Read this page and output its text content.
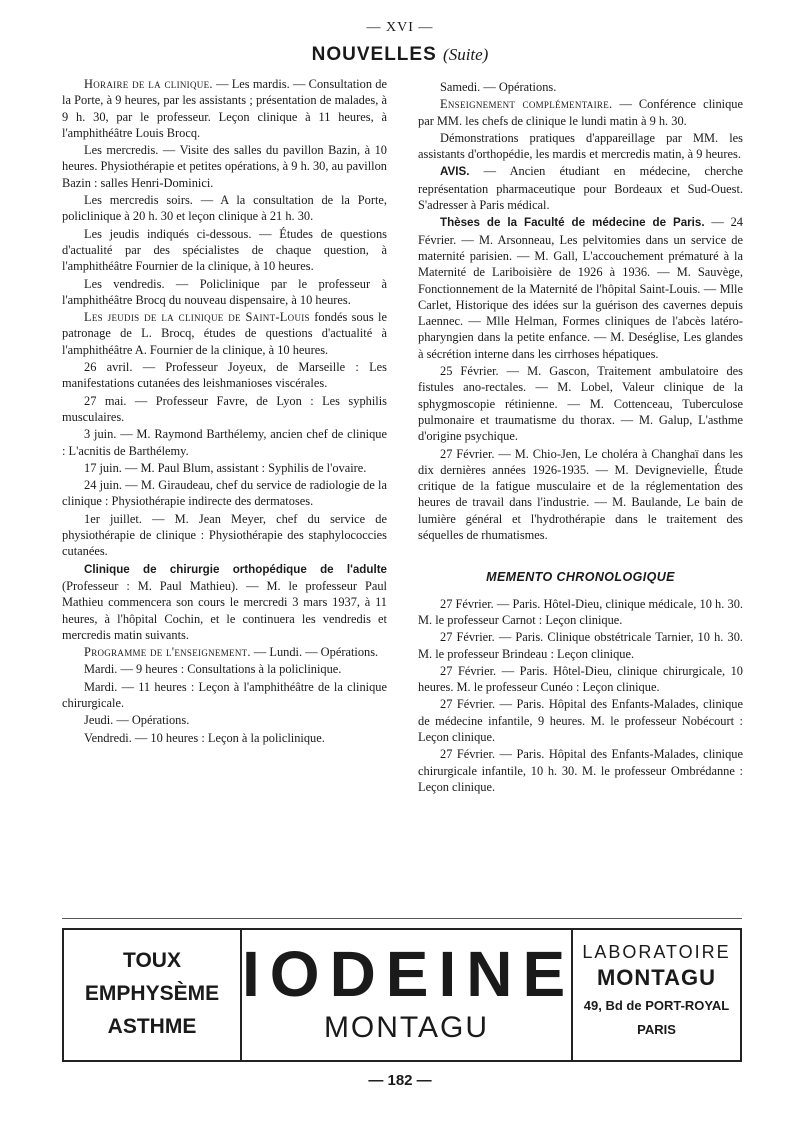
— XVI —
NOUVELLES (Suite)

Horaire de la clinique. — Les mardis. — Consultation de la Porte, à 9 heures, par les assistants ; présentation de malades, à 9 h. 30, par le professeur. Leçon clinique à 11 heures, à l'amphithéâtre Louis Brocq.

Les mercredis. — Visite des salles du pavillon Bazin, à 10 heures. Physiothérapie et petites opérations, à 9 h. 30, au pavillon Bazin : salles Henri-Dominici.

Les mercredis soirs. — A la consultation de la Porte, policlinique à 20 h. 30 et leçon clinique à 21 h. 30.

Les jeudis indiqués ci-dessous. — Études de questions d'actualité par des spécialistes de chaque question, à l'amphithéâtre Fournier de la clinique, à 10 heures.

Les vendredis. — Policlinique par le professeur à l'amphithéâtre Brocq du nouveau dispensaire, à 10 heures.

Les jeudis de la clinique de Saint-Louis fondés sous le patronage de L. Brocq, études de questions d'actualité à l'amphithéâtre A. Fournier de la clinique, à 10 heures.

26 avril. — Professeur Joyeux, de Marseille : Les manifestations cutanées des leishmanioses viscérales.

27 mai. — Professeur Favre, de Lyon : Les syphilis musculaires.

3 juin. — M. Raymond Barthélemy, ancien chef de clinique : L'acnitis de Barthélemy.

17 juin. — M. Paul Blum, assistant : Syphilis de l'ovaire.

24 juin. — M. Giraudeau, chef du service de radiologie de la clinique : Physiothérapie indirecte des dermatoses.

1er juillet. — M. Jean Meyer, chef du service de physiothérapie de clinique : Physiothérapie des staphylococcies cutanées.

Clinique de chirurgie orthopédique de l'adulte (Professeur : M. Paul Mathieu). — M. le professeur Paul Mathieu commencera son cours le mercredi 3 mars 1937, à 11 heures, à l'hôpital Cochin, et le continuera les vendredis et mercredis matin suivants.

Programme de l'enseignement. — Lundi. — Opérations.

Mardi. — 9 heures : Consultations à la policlinique.

Mardi. — 11 heures : Leçon à l'amphithéâtre de la clinique chirurgicale.

Jeudi. — Opérations.

Vendredi. — 10 heures : Leçon à la policlinique.

Samedi. — Opérations.

Enseignement complémentaire. — Conférence clinique par MM. les chefs de clinique le lundi matin à 9 h. 30.

Démonstrations pratiques d'appareillage par MM. les assistants d'orthopédie, les mardis et mercredis matin, à 9 heures.

AVIS. — Ancien étudiant en médecine, cherche représentation pharmaceutique pour Bordeaux et Sud-Ouest. S'adresser à Paris médical.

Thèses de la Faculté de médecine de Paris. — 24 Février. — M. Arsonneau, Les pelvitomies dans un service de maternité parisien. — M. Gall, L'accouchement prématuré à la Maternité de Lariboisière de 1926 à 1936. — M. Sauvège, Fonctionnement de la Maternité de l'hôpital Saint-Louis. — Mlle Carlet, Historique des idées sur la guérison des cavernes depuis Laennec. — Mlle Helman, Formes cliniques de l'abcès latéro-pharyngien dans la petite enfance. — M. Deséglise, Les glandes à sécrétion interne dans les cirrhoses hépatiques.

25 Février. — M. Gascon, Traitement ambulatoire des fistules ano-rectales. — M. Lobel, Valeur clinique de la sphygmoscopie rétinienne. — M. Cottenceau, Tuberculose pulmonaire et traumatisme du thorax. — M. Galup, L'asthme d'origine psychique.

27 Février. — M. Chio-Jen, Le choléra à Changhaï dans les dix dernières années 1926-1935. — M. Devignevielle, Étude critique de la fatigue musculaire et de la réglementation des heures de travail dans l'industrie. — M. Baulande, Le bain de lumière général et l'hydrothérapie dans le traitement des séquelles de rhumatismes.

MEMENTO CHRONOLOGIQUE

27 Février. — Paris. Hôtel-Dieu, clinique médicale, 10 h. 30. M. le professeur Carnot : Leçon clinique.

27 Février. — Paris. Clinique obstétricale Tarnier, 10 h. 30. M. le professeur Brindeau : Leçon clinique.

27 Février. — Paris. Hôtel-Dieu, clinique chirurgicale, 10 heures. M. le professeur Cunéo : Leçon clinique.

27 Février. — Paris. Hôpital des Enfants-Malades, clinique de médecine infantile, 9 heures. M. le professeur Nobécourt : Leçon clinique.

27 Février. — Paris. Hôpital des Enfants-Malades, clinique chirurgicale infantile, 10 h. 30. M. le professeur Ombrédanne : Leçon clinique.

TOUX
EMPHYSÈME
ASTHME
IODEINE
MONTAGU
LABORATOIRE
MONTAGU
49, Bd de PORT-ROYAL
PARIS
— 182 —
